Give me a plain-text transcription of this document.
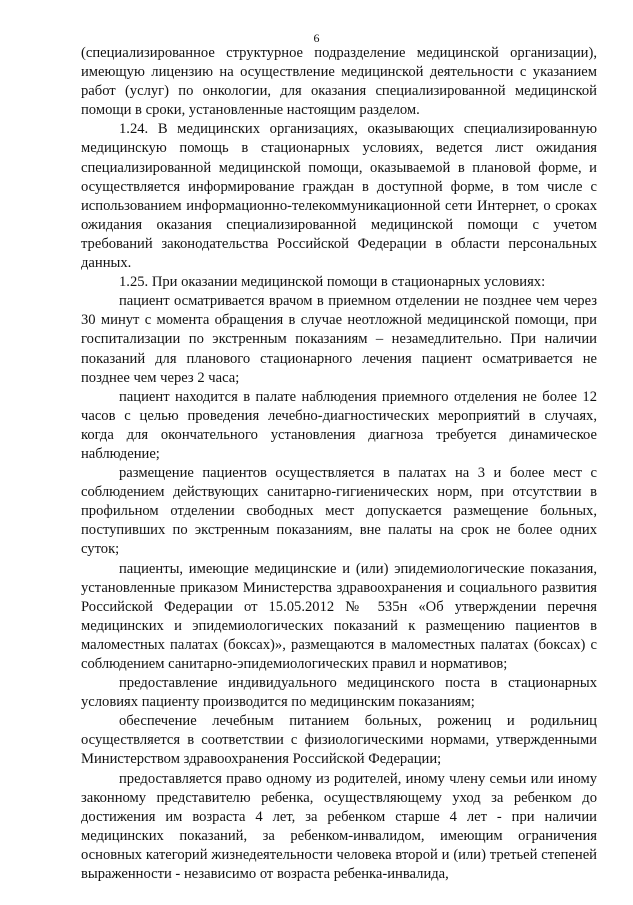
6

(специализированное структурное подразделение медицинской организации), имеющую лицензию на осуществление медицинской деятельности с указанием работ (услуг) по онкологии, для оказания специализированной медицинской помощи в сроки, установленные настоящим разделом.

1.24. В медицинских организациях, оказывающих специализированную медицинскую помощь в стационарных условиях, ведется лист ожидания специализированной медицинской помощи, оказываемой в плановой форме, и осуществляется информирование граждан в доступной форме, в том числе с использованием информационно-телекоммуникационной сети Интернет, о сроках ожидания оказания специализированной медицинской помощи с учетом требований законодательства Российской Федерации в области персональных данных.

1.25. При оказании медицинской помощи в стационарных условиях:

пациент осматривается врачом в приемном отделении не позднее чем через 30 минут с момента обращения в случае неотложной медицинской помощи, при госпитализации по экстренным показаниям – незамедлительно. При наличии показаний для планового стационарного лечения пациент осматривается не позднее чем через 2 часа;

пациент находится в палате наблюдения приемного отделения не более 12 часов с целью проведения лечебно-диагностических мероприятий в случаях, когда для окончательного установления диагноза требуется динамическое наблюдение;

размещение пациентов осуществляется в палатах на 3 и более мест с соблюдением действующих санитарно-гигиенических норм, при отсутствии в профильном отделении свободных мест допускается размещение больных, поступивших по экстренным показаниям, вне палаты на срок не более одних суток;

пациенты, имеющие медицинские и (или) эпидемиологические показания, установленные приказом Министерства здравоохранения и социального развития Российской Федерации от 15.05.2012 № 535н «Об утверждении перечня медицинских и эпидемиологических показаний к размещению пациентов в маломестных палатах (боксах)», размещаются в маломестных палатах (боксах) с соблюдением санитарно-эпидемиологических правил и нормативов;

предоставление индивидуального медицинского поста в стационарных условиях пациенту производится по медицинским показаниям;

обеспечение лечебным питанием больных, рожениц и родильниц осуществляется в соответствии с физиологическими нормами, утвержденными Министерством здравоохранения Российской Федерации;

предоставляется право одному из родителей, иному члену семьи или иному законному представителю ребенка, осуществляющему уход за ребенком до достижения им возраста 4 лет, за ребенком старше 4 лет - при наличии медицинских показаний, за ребенком-инвалидом, имеющим ограничения основных категорий жизнедеятельности человека второй и (или) третьей степеней выраженности - независимо от возраста ребенка-инвалида,
